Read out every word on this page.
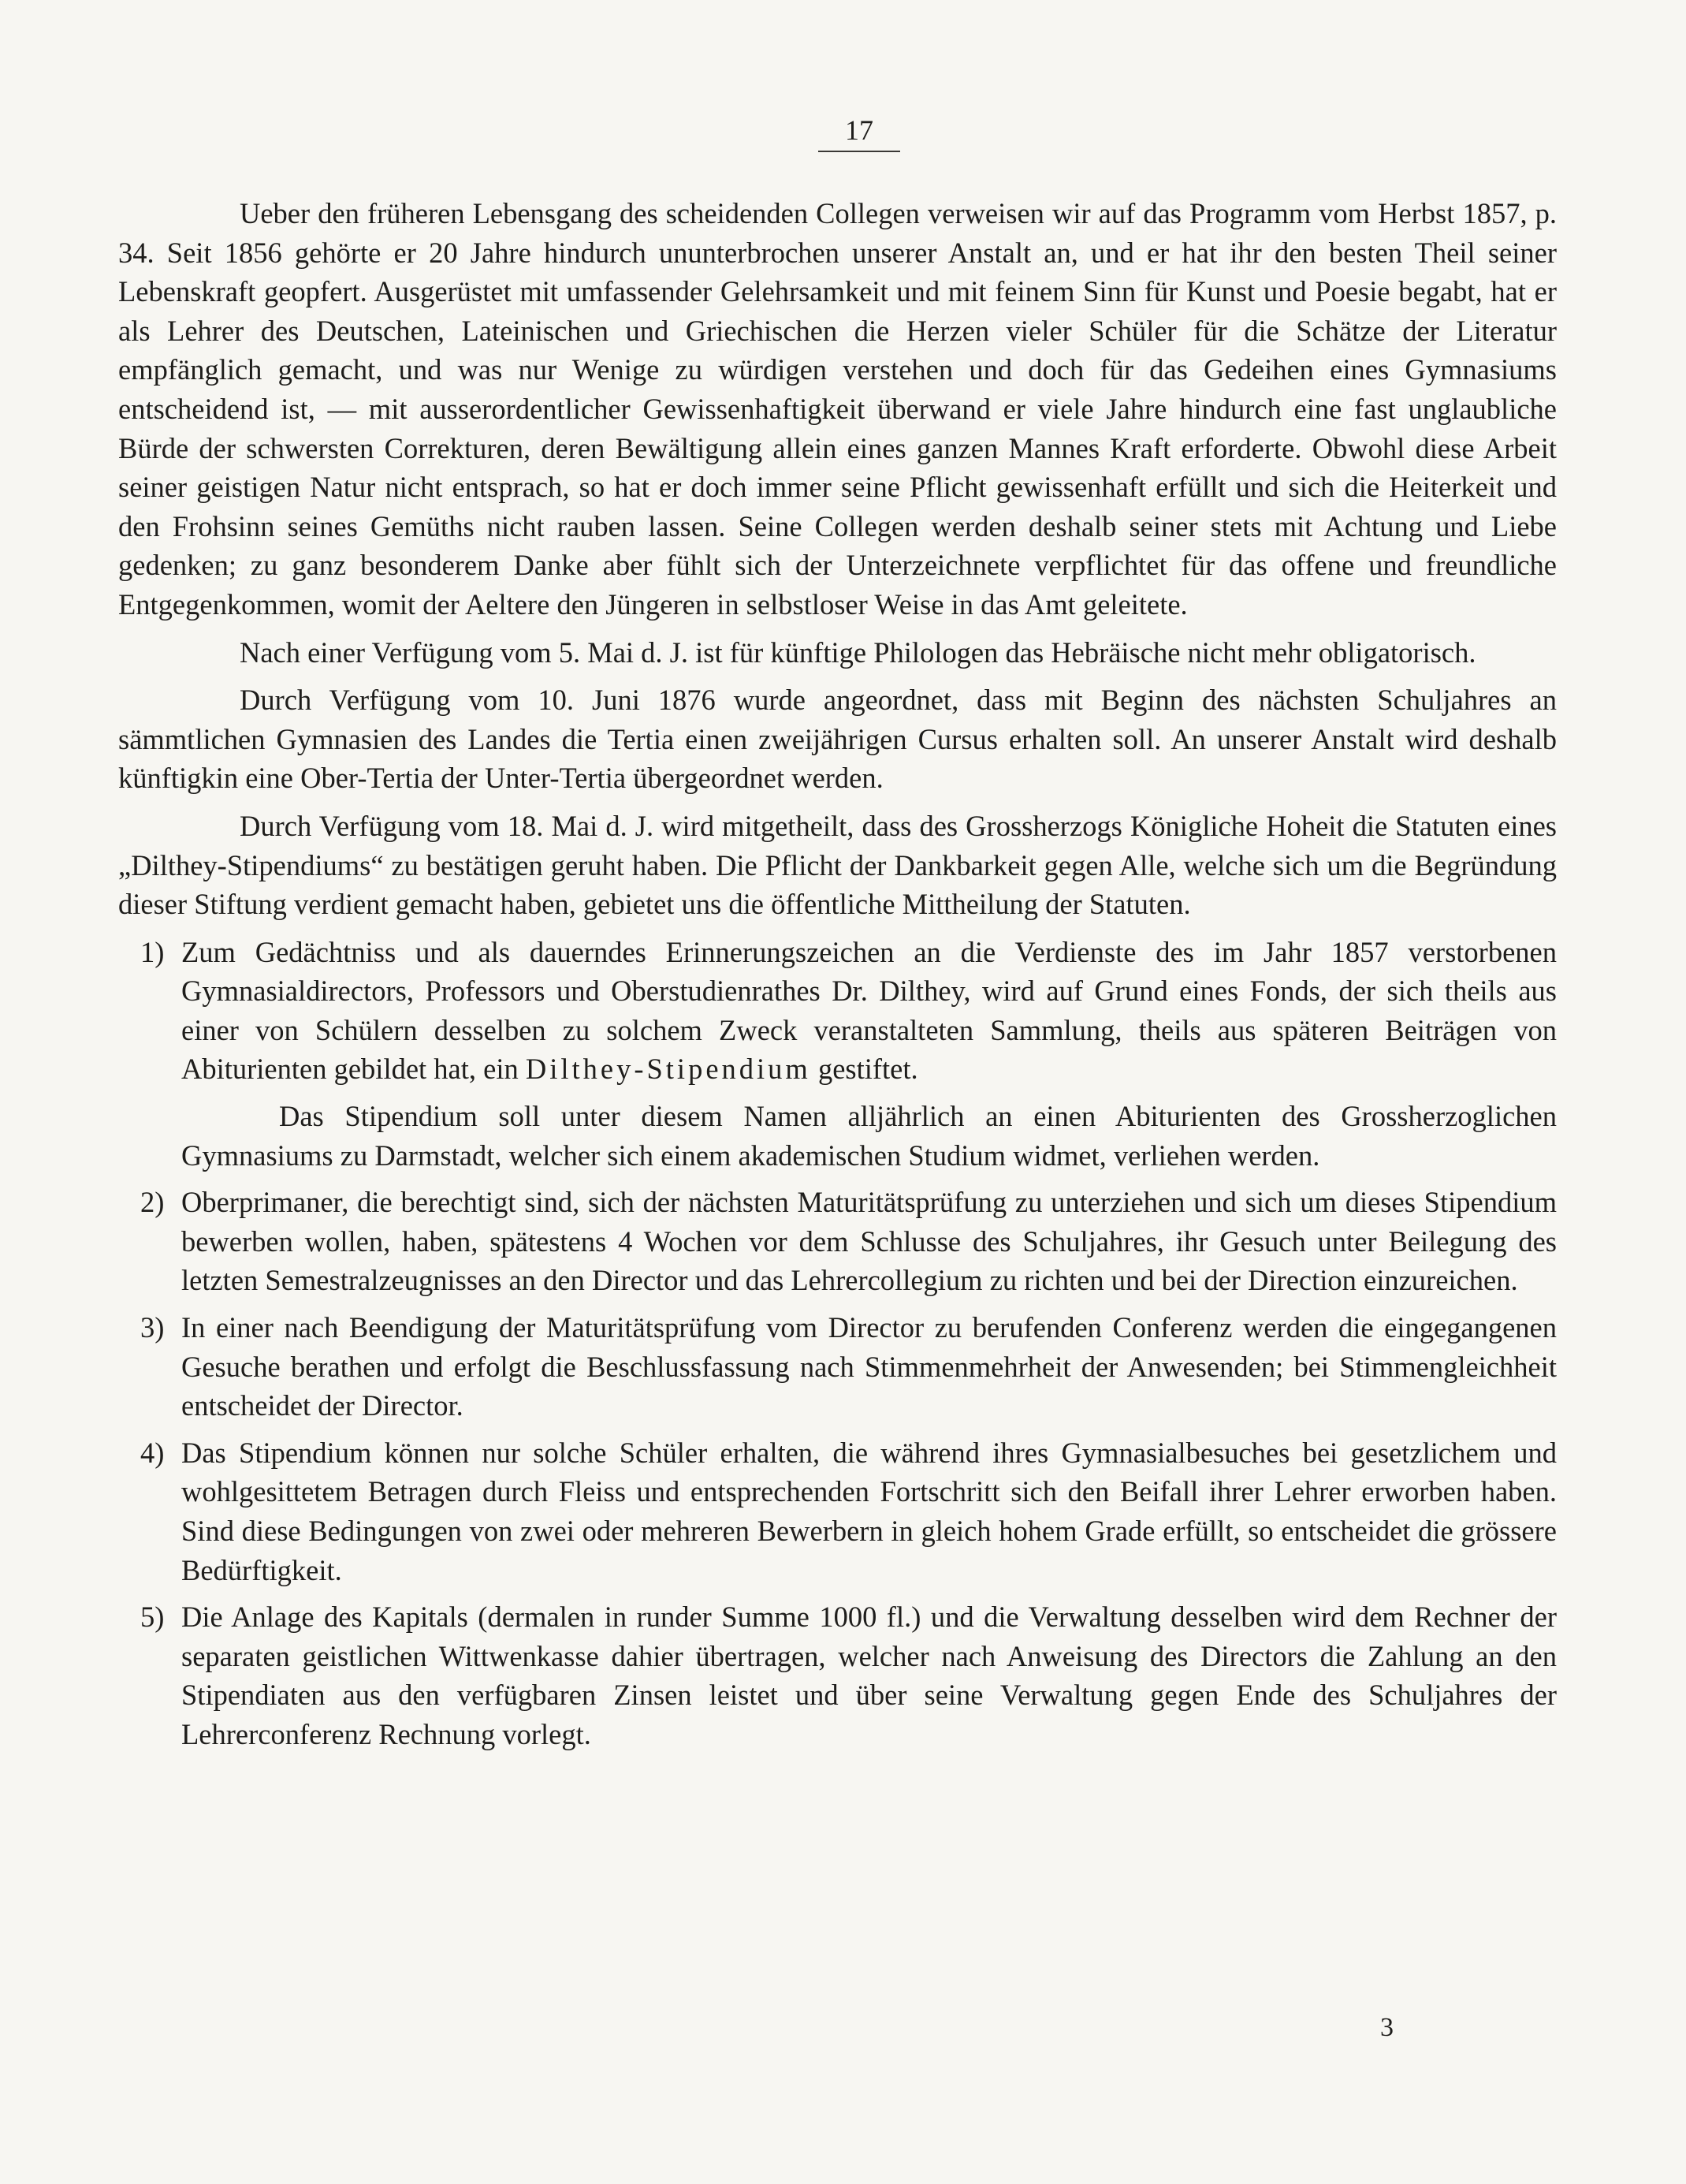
17

Ueber den früheren Lebensgang des scheidenden Collegen verweisen wir auf das Programm vom Herbst 1857, p. 34. Seit 1856 gehörte er 20 Jahre hindurch ununterbrochen unserer Anstalt an, und er hat ihr den besten Theil seiner Lebenskraft geopfert. Ausgerüstet mit umfassender Gelehrsamkeit und mit feinem Sinn für Kunst und Poesie begabt, hat er als Lehrer des Deutschen, Lateinischen und Griechischen die Herzen vieler Schüler für die Schätze der Literatur empfänglich gemacht, und was nur Wenige zu würdigen verstehen und doch für das Gedeihen eines Gymnasiums entscheidend ist, — mit ausserordentlicher Gewissenhaftigkeit überwand er viele Jahre hindurch eine fast unglaubliche Bürde der schwersten Correkturen, deren Bewältigung allein eines ganzen Mannes Kraft erforderte. Obwohl diese Arbeit seiner geistigen Natur nicht entsprach, so hat er doch immer seine Pflicht gewissenhaft erfüllt und sich die Heiterkeit und den Frohsinn seines Gemüths nicht rauben lassen. Seine Collegen werden deshalb seiner stets mit Achtung und Liebe gedenken; zu ganz besonderem Danke aber fühlt sich der Unterzeichnete verpflichtet für das offene und freundliche Entgegenkommen, womit der Aeltere den Jüngeren in selbstloser Weise in das Amt geleitete.

Nach einer Verfügung vom 5. Mai d. J. ist für künftige Philologen das Hebräische nicht mehr obligatorisch.

Durch Verfügung vom 10. Juni 1876 wurde angeordnet, dass mit Beginn des nächsten Schuljahres an sämmtlichen Gymnasien des Landes die Tertia einen zweijährigen Cursus erhalten soll. An unserer Anstalt wird deshalb künftigkin eine Ober-Tertia der Unter-Tertia übergeordnet werden.

Durch Verfügung vom 18. Mai d. J. wird mitgetheilt, dass des Grossherzogs Königliche Hoheit die Statuten eines „Dilthey-Stipendiums“ zu bestätigen geruht haben. Die Pflicht der Dankbarkeit gegen Alle, welche sich um die Begründung dieser Stiftung verdient gemacht haben, gebietet uns die öffentliche Mittheilung der Statuten.

1) Zum Gedächtniss und als dauerndes Erinnerungszeichen an die Verdienste des im Jahr 1857 verstorbenen Gymnasialdirectors, Professors und Oberstudienrathes Dr. Dilthey, wird auf Grund eines Fonds, der sich theils aus einer von Schülern desselben zu solchem Zweck veranstalteten Sammlung, theils aus späteren Beiträgen von Abiturienten gebildet hat, ein Dilthey-Stipendium gestiftet.

Das Stipendium soll unter diesem Namen alljährlich an einen Abiturienten des Grossherzoglichen Gymnasiums zu Darmstadt, welcher sich einem akademischen Studium widmet, verliehen werden.

2) Oberprimaner, die berechtigt sind, sich der nächsten Maturitätsprüfung zu unterziehen und sich um dieses Stipendium bewerben wollen, haben, spätestens 4 Wochen vor dem Schlusse des Schuljahres, ihr Gesuch unter Beilegung des letzten Semestralzeugnisses an den Director und das Lehrercollegium zu richten und bei der Direction einzureichen.

3) In einer nach Beendigung der Maturitätsprüfung vom Director zu berufenden Conferenz werden die eingegangenen Gesuche berathen und erfolgt die Beschlussfassung nach Stimmenmehrheit der Anwesenden; bei Stimmengleichheit entscheidet der Director.

4) Das Stipendium können nur solche Schüler erhalten, die während ihres Gymnasialbesuches bei gesetzlichem und wohlgesittetem Betragen durch Fleiss und entsprechenden Fortschritt sich den Beifall ihrer Lehrer erworben haben. Sind diese Bedingungen von zwei oder mehreren Bewerbern in gleich hohem Grade erfüllt, so entscheidet die grössere Bedürftigkeit.

5) Die Anlage des Kapitals (dermalen in runder Summe 1000 fl.) und die Verwaltung desselben wird dem Rechner der separaten geistlichen Wittwenkasse dahier übertragen, welcher nach Anweisung des Directors die Zahlung an den Stipendiaten aus den verfügbaren Zinsen leistet und über seine Verwaltung gegen Ende des Schuljahres der Lehrerconferenz Rechnung vorlegt.

3
